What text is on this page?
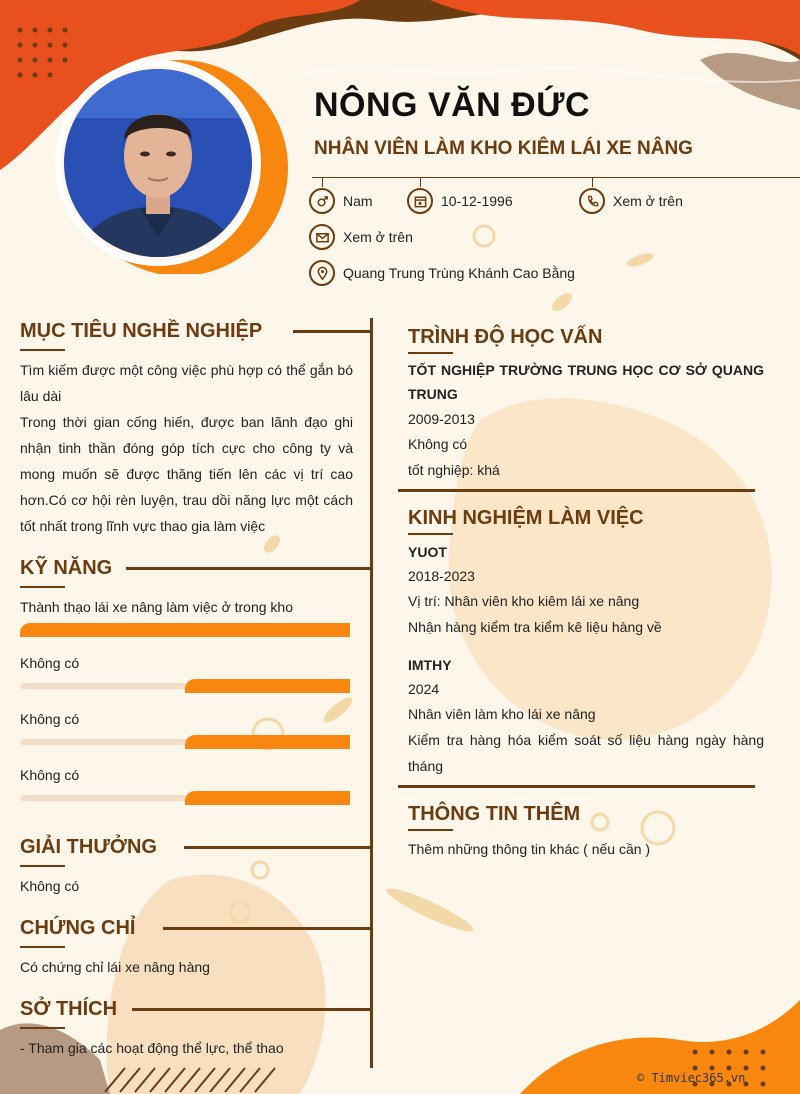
NÔNG VĂN ĐỨC
NHÂN VIÊN LÀM KHO KIÊM LÁI XE NÂNG
Nam	10-12-1996	Xem ở trên
Xem ở trên
Quang Trung Trùng Khánh Cao Bằng
MỤC TIÊU NGHỀ NGHIỆP
Tìm kiếm được một công việc phù hợp có thể gắn bó lâu dài
Trong thời gian cống hiến, được ban lãnh đạo ghi nhận tinh thần đóng góp tích cực cho công ty và mong muốn sẽ được thăng tiến lên các vị trí cao hơn.Có cơ hội rèn luyện, trau dồi năng lực một cách tốt nhất trong lĩnh vực thao gia làm việc
KỸ NĂNG
Thành thạo lái xe nâng làm việc ở trong kho
Không có
Không có
Không có
GIẢI THƯỞNG
Không có
CHỨNG CHỈ
Có chứng chỉ lái xe nâng hàng
SỞ THÍCH
- Tham gia các hoạt động thể lực, thể thao
TRÌNH ĐỘ HỌC VẤN
TỐT NGHIỆP TRƯỜNG TRUNG HỌC CƠ SỞ QUANG TRUNG
2009-2013
Không có
tốt nghiệp: khá
KINH NGHIỆM LÀM VIỆC
YUOT
2018-2023
Vị trí: Nhân viên kho kiêm lái xe nâng
Nhận hàng kiểm tra kiểm kê liệu hàng về
IMTHY
2024
Nhân viên làm kho lái xe nâng
Kiểm tra hàng hóa kiểm soát số liệu hàng ngày hàng tháng
THÔNG TIN THÊM
Thêm những thông tin khác ( nếu cần )
© Timviec365.vn
